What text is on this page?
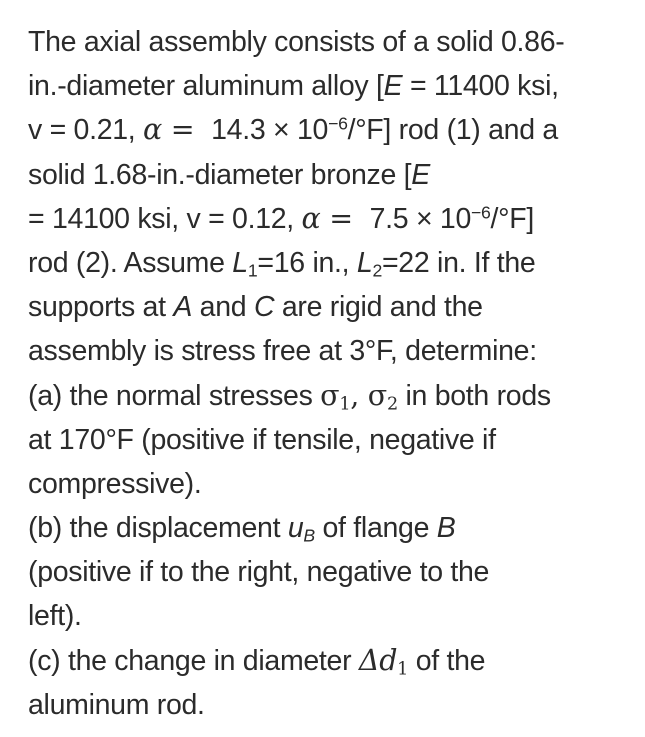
The axial assembly consists of a solid 0.86-
in.-diameter aluminum alloy [E = 11400 ksi,
v = 0.21, $\alpha = 14.3 \times 10^{-6}/^\circ F$] rod (1) and a
solid 1.68-in.-diameter bronze [E
= 14100 ksi, v = 0.12, $\alpha = 7.5 \times 10^{-6}/^\circ F$]
rod (2). Assume $L_1=16$ in., $L_2=22$ in. If the
supports at A and C are rigid and the
assembly is stress free at 3°F, determine:
(a) the normal stresses $\sigma_1$, $\sigma_2$ in both rods
at 170°F (positive if tensile, negative if
compressive).
(b) the displacement $u_B$ of flange B
(positive if to the right, negative to the
left).
(c) the change in diameter $\Delta d_1$ of the
aluminum rod.
